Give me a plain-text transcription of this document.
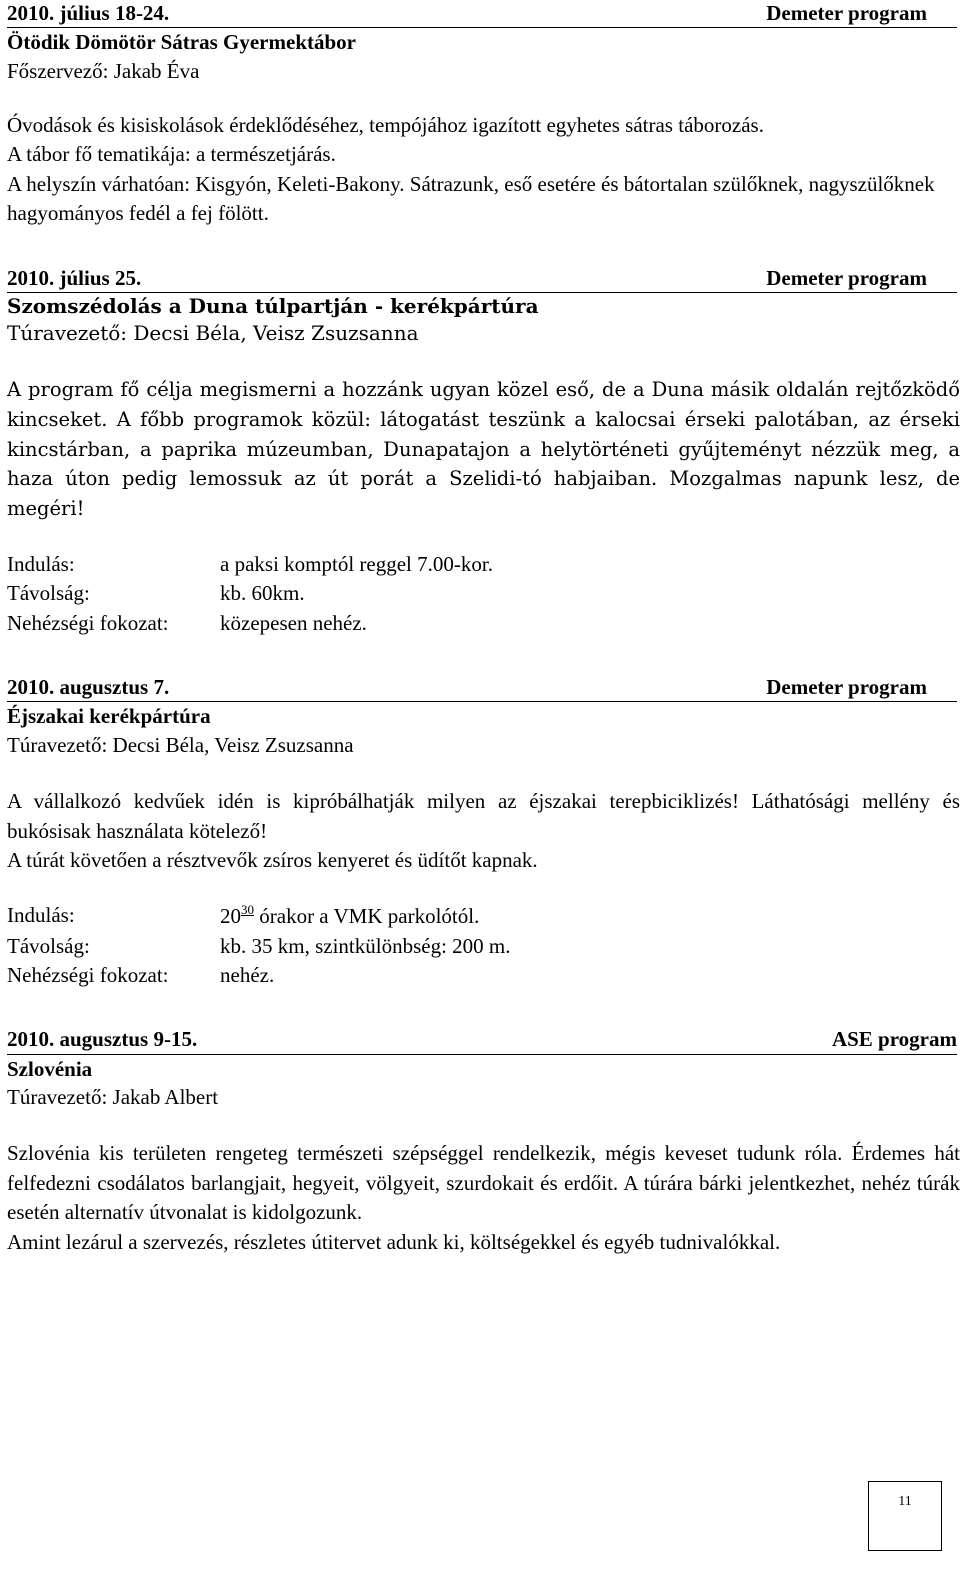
2010. július 18-24.	Demeter program
Ötödik Dömötör Sátras Gyermektábor
Főszervező: Jakab Éva

Óvodások és kisiskolások érdeklődéséhez, tempójához igazított egyhetes sátras táborozás.

A tábor fő tematikája: a természetjárás.

A helyszín várhatóan: Kisgyón, Keleti-Bakony. Sátrazunk, eső esetére és bátortalan szülőknek, nagyszülőknek hagyományos fedél a fej fölött.

2010. július 25.	Demeter program
Szomszédolás a Duna túlpartján - kerékpártúra
Túravezető: Decsi Béla, Veisz Zsuzsanna

A program fő célja megismerni a hozzánk ugyan közel eső, de a Duna másik oldalán rejtőzködő kincseket. A főbb programok közül: látogatást teszünk a kalocsai érseki palotában, az érseki kincstárban, a paprika múzeumban, Dunapatajon a helytörténeti gyűjteményt nézzük meg, a haza úton pedig lemossuk az út porát a Szelidi-tó habjaiban. Mozgalmas napunk lesz, de megéri!

Indulás:	a paksi komptól reggel 7.00-kor.
Távolság:	kb. 60km.
Nehézségi fokozat:	közepesen nehéz.
2010. augusztus 7.	Demeter program
Éjszakai kerékpártúra
Túravezető: Decsi Béla, Veisz Zsuzsanna

A vállalkozó kedvűek idén is kipróbálhatják milyen az éjszakai terepbiciklizés! Láthatósági mellény és bukósisak használata kötelező!

A túrát követően a résztvevők zsíros kenyeret és üdítőt kapnak.

Indulás:	$20^{30}$ órakor a VMK parkolótól.
Távolság:	kb. 35 km, szintkülönbség: 200 m.
Nehézségi fokozat:	nehéz.
2010. augusztus 9-15.	ASE program
Szlovénia
Túravezető: Jakab Albert

Szlovénia kis területen rengeteg természeti szépséggel rendelkezik, mégis keveset tudunk róla. Érdemes hát felfedezni csodálatos barlangjait, hegyeit, völgyeit, szurdokait és erdőit. A túrára bárki jelentkezhet, nehéz túrák esetén alternatív útvonalat is kidolgozunk.

Amint lezárul a szervezés, részletes útitervet adunk ki, költségekkel és egyéb tudnivalókkal.

11
